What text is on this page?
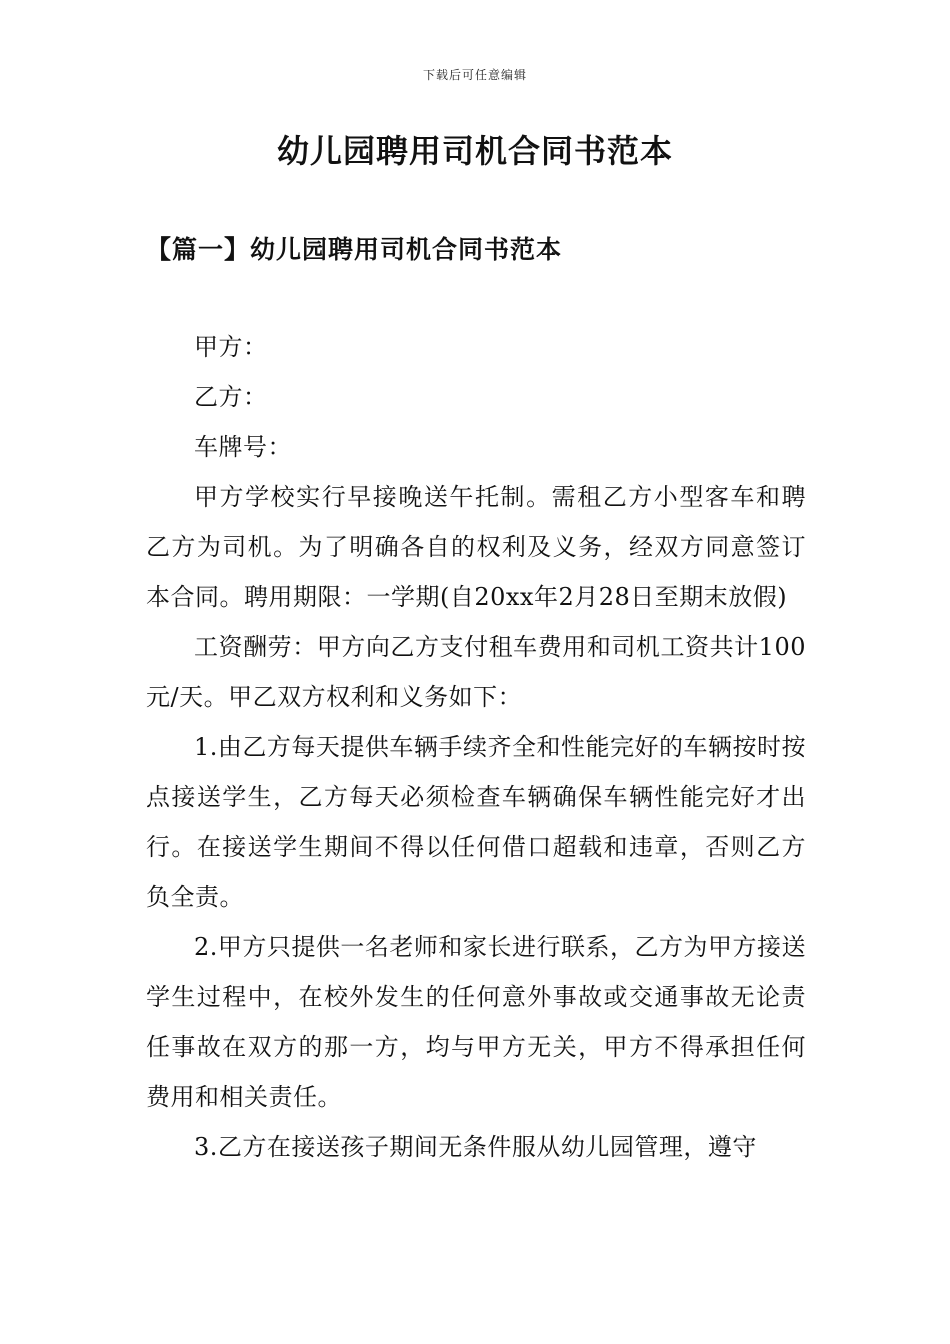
下载后可任意编辑
幼儿园聘用司机合同书范本
【篇一】幼儿园聘用司机合同书范本

甲方：

乙方：

车牌号：

甲方学校实行早接晚送午托制。需租乙方小型客车和聘乙方为司机。为了明确各自的权利及义务，经双方同意签订本合同。聘用期限：一学期(自20xx年2月28日至期末放假)

工资酬劳：甲方向乙方支付租车费用和司机工资共计100元/天。甲乙双方权利和义务如下：

1.由乙方每天提供车辆手续齐全和性能完好的车辆按时按点接送学生，乙方每天必须检查车辆确保车辆性能完好才出行。在接送学生期间不得以任何借口超载和违章，否则乙方负全责。

2.甲方只提供一名老师和家长进行联系，乙方为甲方接送学生过程中，在校外发生的任何意外事故或交通事故无论责任事故在双方的那一方，均与甲方无关，甲方不得承担任何费用和相关责任。

3.乙方在接送孩子期间无条件服从幼儿园管理，遵守
